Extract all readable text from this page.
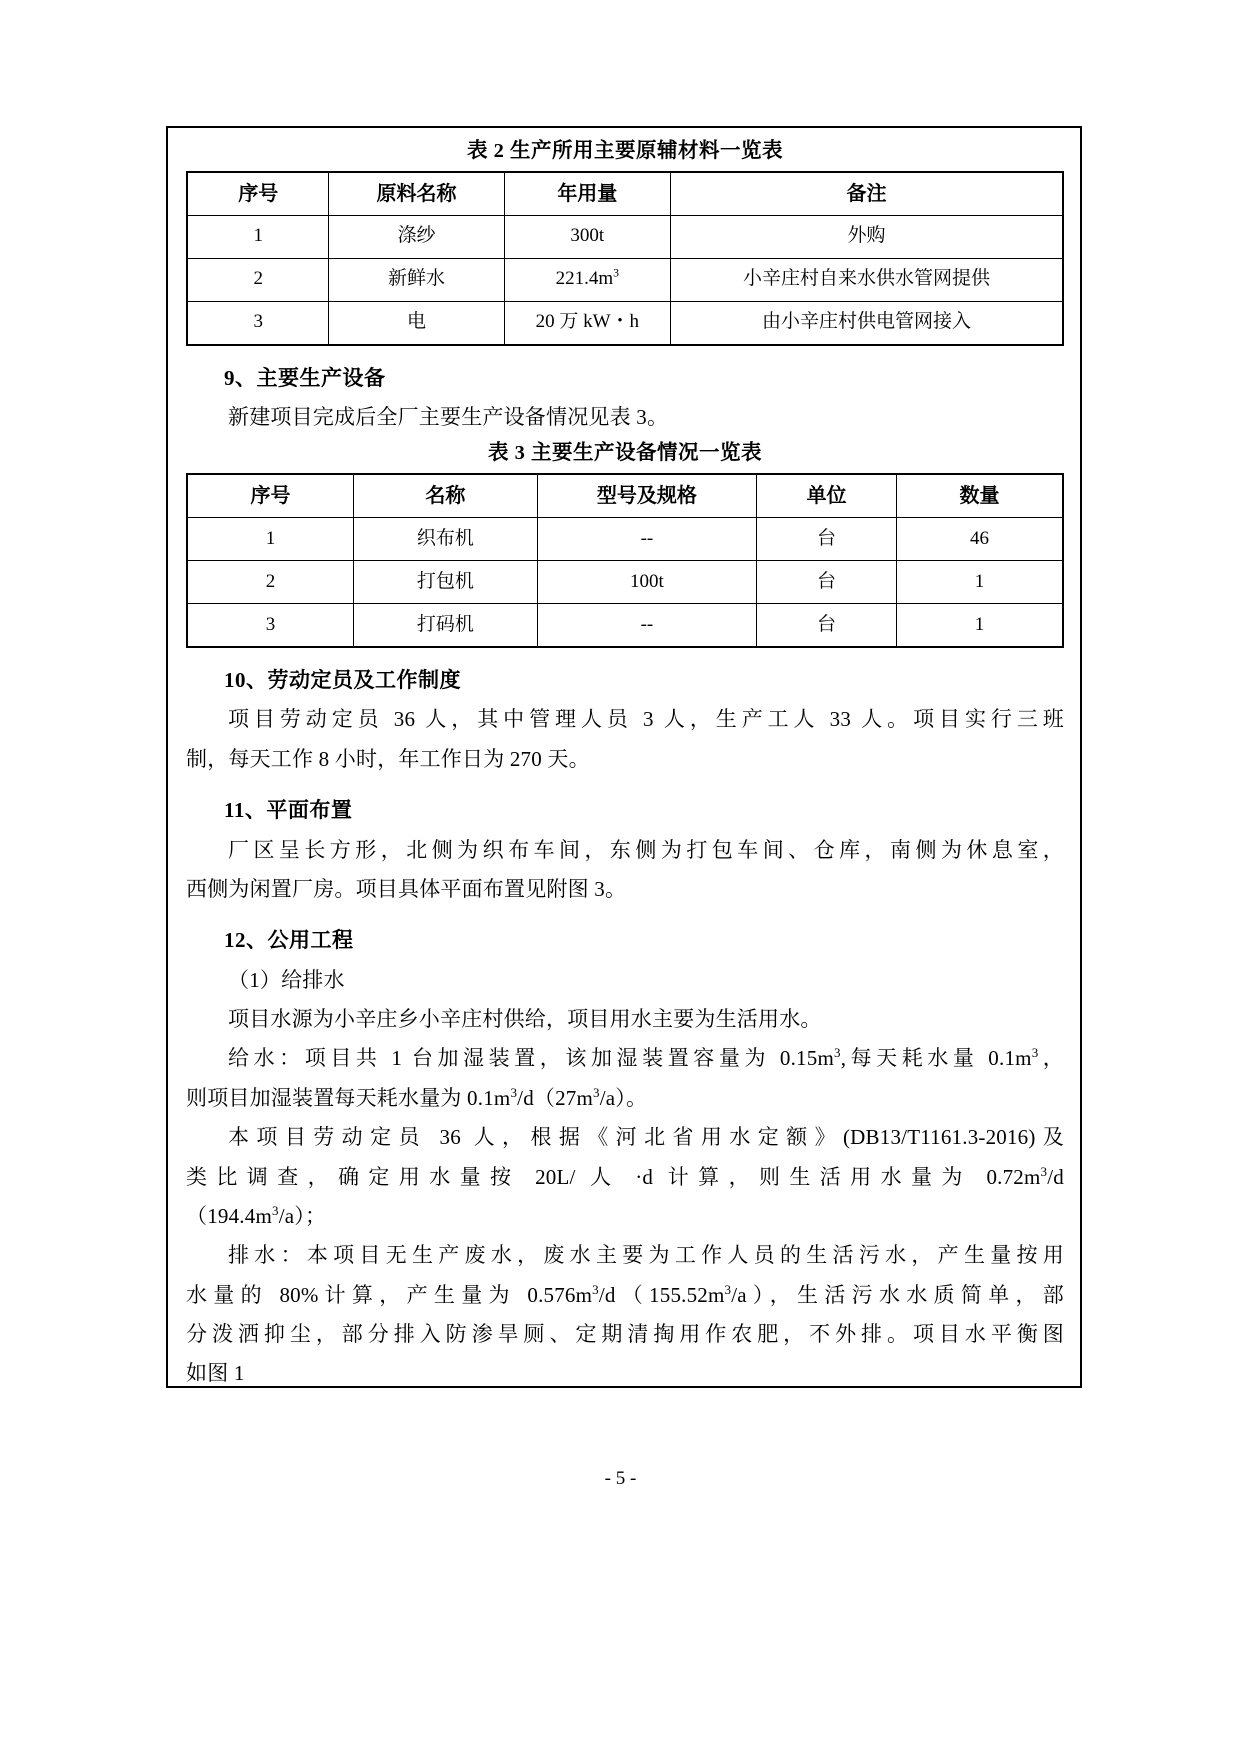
表 2 生产所用主要原辅材料一览表
序号	原料名称	年用量	备注
1	涤纱	300t	外购
2	新鲜水	$221.4m^3$	小辛庄村自来水供水管网提供
3	电	20 万 kW・h	由小辛庄村供电管网接入
9、主要生产设备

新建项目完成后全厂主要生产设备情况见表 3。

表 3 主要生产设备情况一览表
序号	名称	型号及规格	单位	数量
1	织布机	--	台	46
2	打包机	100t	台	1
3	打码机	--	台	1
10、劳动定员及工作制度

项目劳动定员 36 人，其中管理人员 3 人，生产工人 33 人。项目实行三班

制，每天工作 8 小时，年工作日为 270 天。

11、平面布置

厂区呈长方形，北侧为织布车间，东侧为打包车间、仓库，南侧为休息室，

西侧为闲置厂房。项目具体平面布置见附图 3。

12、公用工程

（1）给排水

项目水源为小辛庄乡小辛庄村供给，项目用水主要为生活用水。

给水：项目共 1 台加湿装置，该加湿装置容量为 $0.15m^3$,每天耗水量 $0.1m^3$，

则项目加湿装置每天耗水量为 $0.1m^3/d(27m^3/a)$。

本项目劳动定员 36 人，根据《河北省用水定额》(DB13/T1161.3-2016)及

类比调查，确定用水量按 20L/ 人 ·d 计算，则生活用水量为 $0.72m^3/d$

$(194.4m^3/a)$；

排水：本项目无生产废水，废水主要为工作人员的生活污水，产生量按用

水量的 80%计算，产生量为 $0.576m^3/d(155.52m^3/a)$，生活污水水质简单，部

分泼洒抑尘，部分排入防渗旱厕、定期清掏用作农肥，不外排。项目水平衡图

如图 1

- 5 -
